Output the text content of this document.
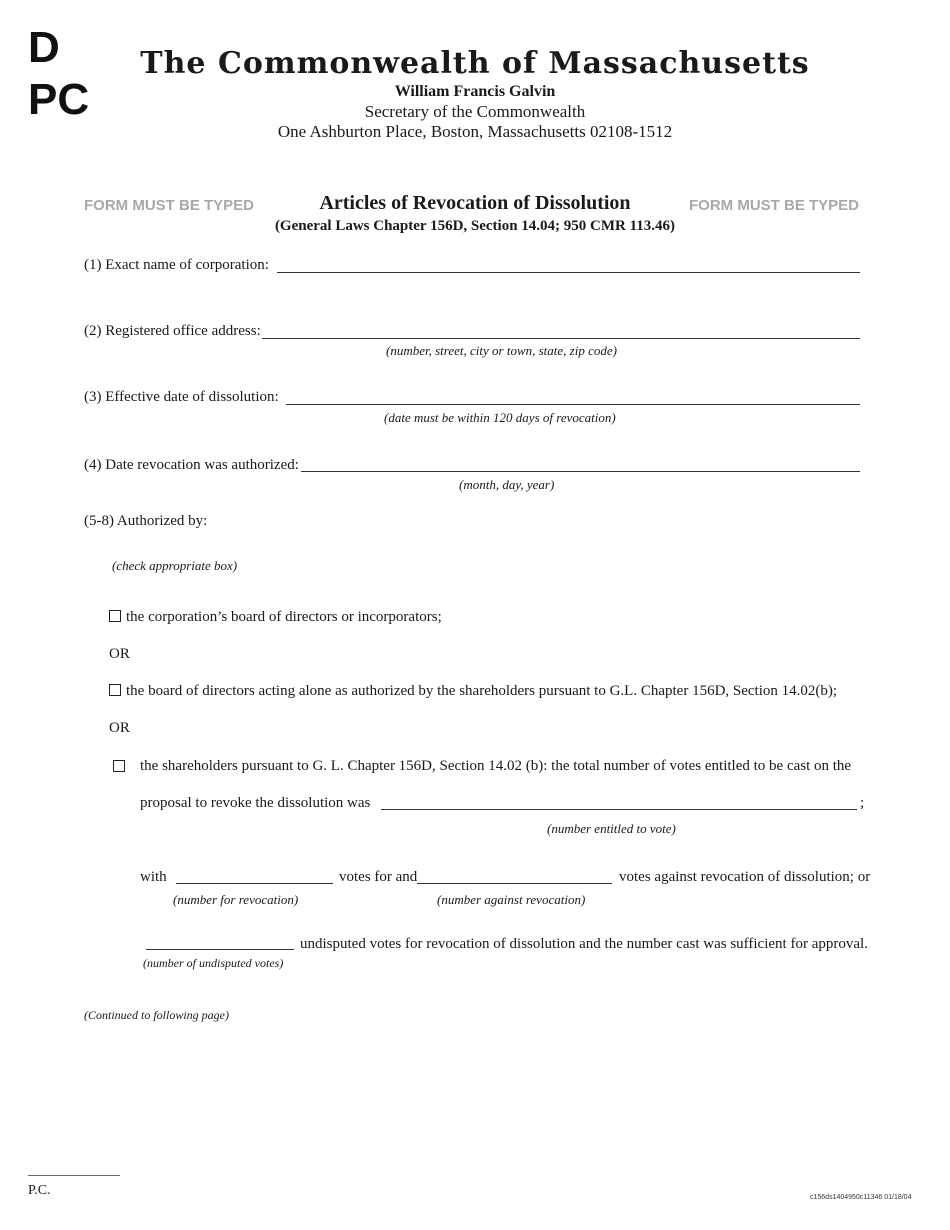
D
PC
The Commonwealth of Massachusetts
William Francis Galvin
Secretary of the Commonwealth
One Ashburton Place, Boston, Massachusetts 02108-1512
FORM MUST BE TYPED	FORM MUST BE TYPED
Articles of Revocation of Dissolution
(General Laws Chapter 156D, Section 14.04; 950 CMR 113.46)
(1) Exact name of corporation:
(2) Registered office address:
(number, street, city or town, state, zip code)
(3) Effective date of dissolution:
(date must be within 120 days of revocation)
(4) Date revocation was authorized:
(month, day, year)
(5-8) Authorized by:
(check appropriate box)
the corporation’s board of directors or incorporators;
OR
the board of directors acting alone as authorized by the shareholders pursuant to G.L. Chapter 156D, Section 14.02(b);
OR
the shareholders pursuant to G. L. Chapter 156D, Section 14.02 (b): the total number of votes entitled to be cast on the
proposal to revoke the dissolution was	;
(number entitled to vote)
with	votes for and	votes against revocation of dissolution; or
(number for revocation)	(number against revocation)
undisputed votes for revocation of dissolution and the number cast was sufficient for approval.
(number of undisputed votes)
(Continued to following page)
P.C.	c156ds1404950c11346 01/18/04
